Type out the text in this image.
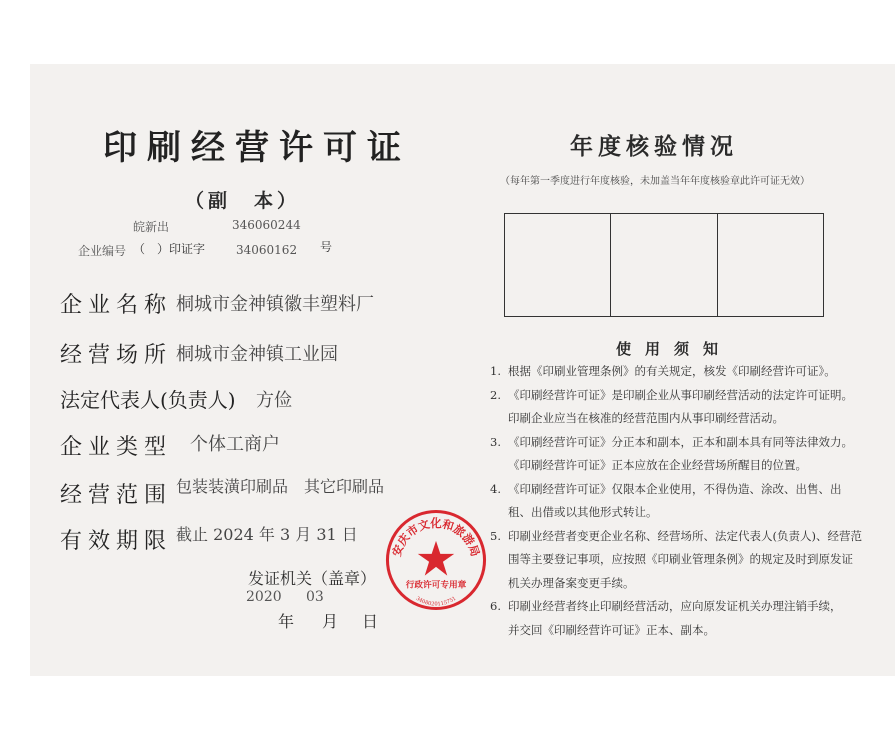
印刷经营许可证
（副　本）
皖新出	346060244
企业编号 （　）印证字	34060162 号
企业名称 桐城市金神镇徽丰塑料厂
经营场所 桐城市金神镇工业园
法定代表人(负责人) 方俭
企业类型 个体工商户
经营范围 包装装潢印刷品　其它印刷品
有效期限 截止 2024 年 3 月 31 日
发证机关（盖章）
2020 03
年 月 日
安庆市文化和旅游局
行政许可专用章
3408020115751
年度核验情况
（每年第一季度进行年度核验，未加盖当年年度核验章此许可证无效）
使用须知
1. 根据《印刷业管理条例》的有关规定，核发《印刷经营许可证》。
2. 《印刷经营许可证》是印刷企业从事印刷经营活动的法定许可证明。
印刷企业应当在核准的经营范围内从事印刷经营活动。
3. 《印刷经营许可证》分正本和副本，正本和副本具有同等法律效力。
《印刷经营许可证》正本应放在企业经营场所醒目的位置。
4. 《印刷经营许可证》仅限本企业使用，不得伪造、涂改、出售、出
租、出借或以其他形式转让。
5. 印刷业经营者变更企业名称、经营场所、法定代表人(负责人)、经营范
围等主要登记事项，应按照《印刷业管理条例》的规定及时到原发证
机关办理备案变更手续。
6. 印刷业经营者终止印刷经营活动，应向原发证机关办理注销手续，
并交回《印刷经营许可证》正本、副本。
